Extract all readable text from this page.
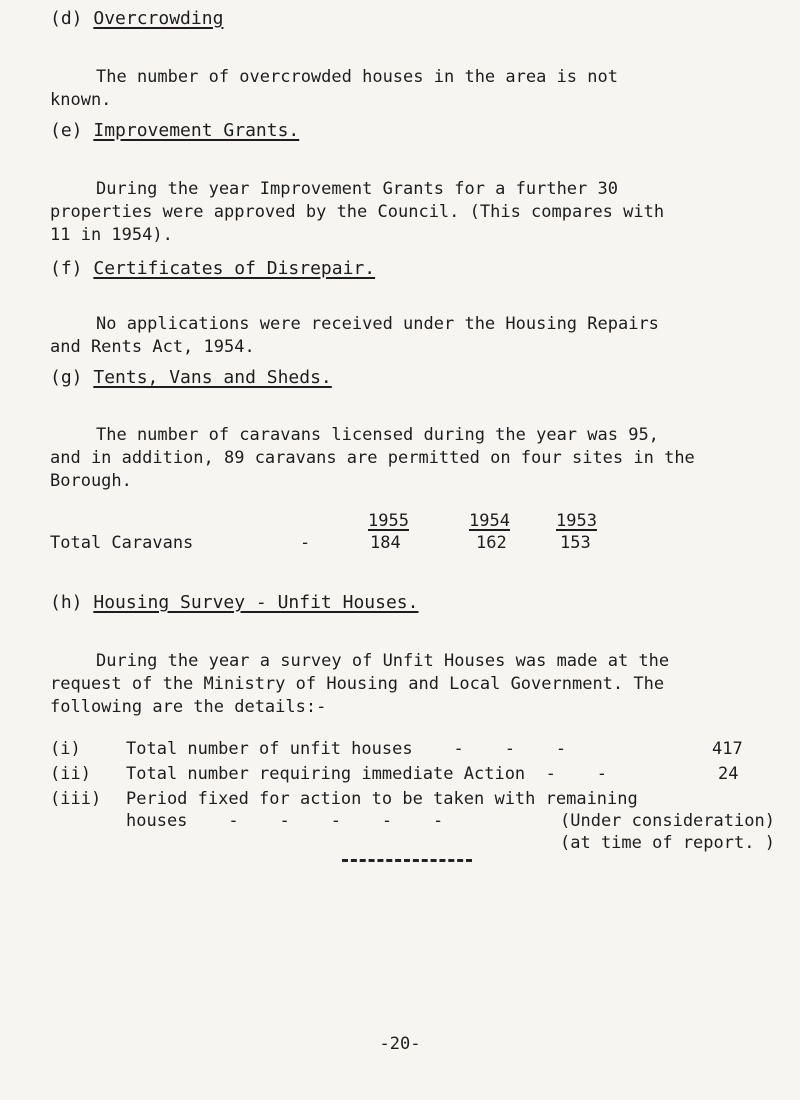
(d) Overcrowding
The number of overcrowded houses in the area is not
known.
(e) Improvement Grants.
During the year Improvement Grants for a further 30
properties were approved by the Council. (This compares with
11 in 1954).
(f) Certificates of Disrepair.
No applications were received under the Housing Repairs
and Rents Act, 1954.
(g) Tents, Vans and Sheds.
The number of caravans licensed during the year was 95,
and in addition, 89 caravans are permitted on four sites in the
Borough.
1955	1954	1953
Total Caravans	-	184	162	153
(h) Housing Survey - Unfit Houses.
During the year a survey of Unfit Houses was made at the
request of the Ministry of Housing and Local Government. The
following are the details:-
(i)	Total number of unfit houses    -    -    -	417
(ii) Total number requiring immediate Action  -    -	24
(iii) Period fixed for action to be taken with remaining
houses    -    -    -    -    -	(Under consideration)
(at time of report. )
-20-
